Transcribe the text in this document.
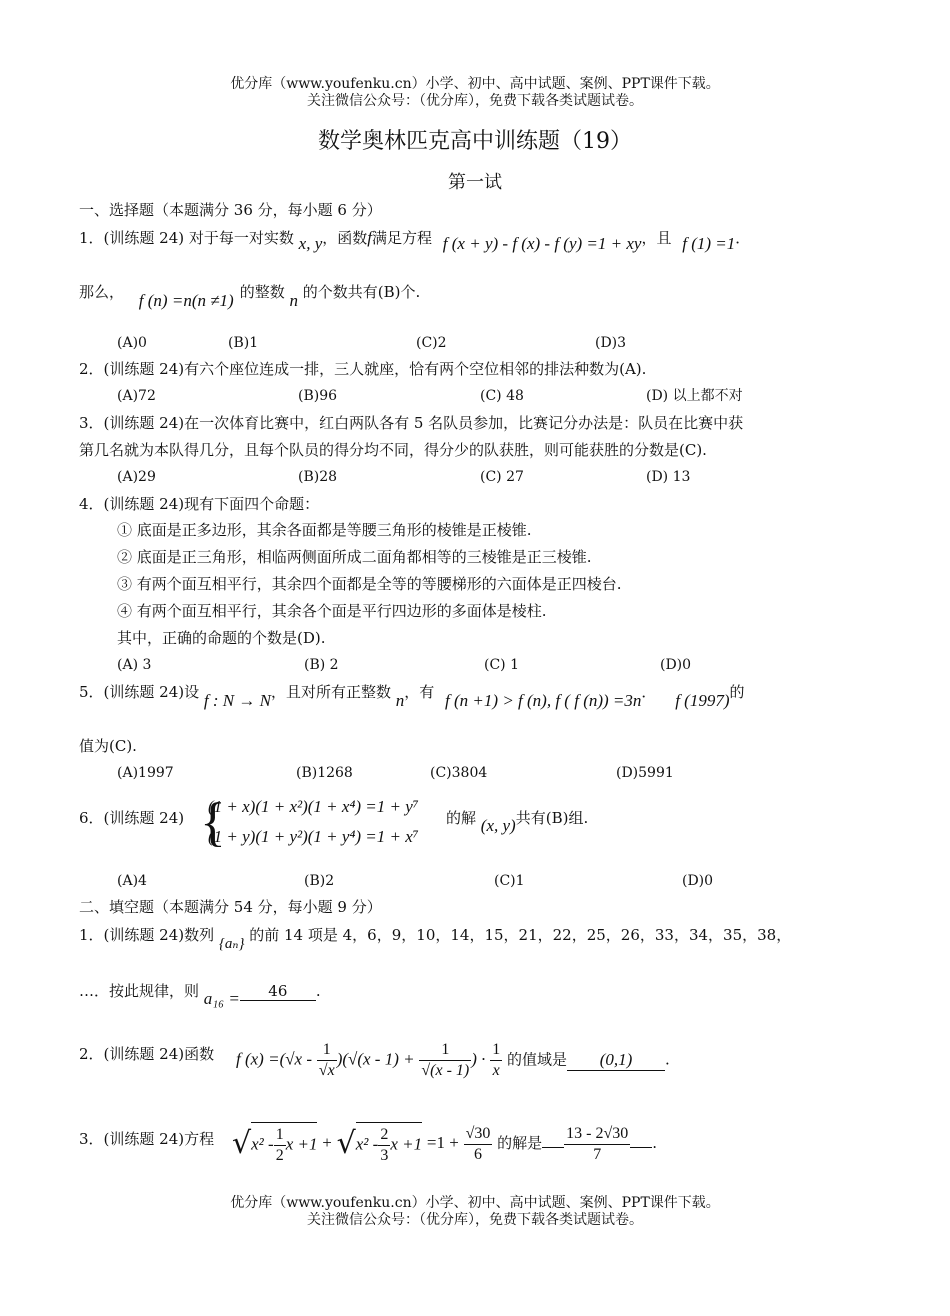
优分库（www.youfenku.cn）小学、初中、高中试题、案例、PPT课件下载。
关注微信公众号：（优分库），免费下载各类试题试卷。
数学奥林匹克高中训练题（19）
第一试
一、选择题（本题满分 36 分，每小题 6 分）
1．(训练题 24) 对于每一对实数 x, y，函数f满足方程 f (x + y) - f (x) - f (y) =1 + xy，且 f (1) =1．
那么， f (n) =n(n ≠1) 的整数 n 的个数共有(B)个.
(A)0	(B)1	(C)2	(D)3
2．(训练题 24)有六个座位连成一排，三人就座，恰有两个空位相邻的排法种数为(A).
(A)72	(B)96	(C) 48	(D) 以上都不对
3．(训练题 24)在一次体育比赛中，红白两队各有 5 名队员参加，比赛记分办法是：队员在比赛中获
第几名就为本队得几分，且每个队员的得分均不同，得分少的队获胜，则可能获胜的分数是(C).
(A)29	(B)28	(C) 27	(D) 13
4．(训练题 24)现有下面四个命题：
① 底面是正多边形，其余各面都是等腰三角形的棱锥是正棱锥.
② 底面是正三角形，相临两侧面所成二面角都相等的三棱锥是正三棱锥.
③ 有两个面互相平行，其余四个面都是全等的等腰梯形的六面体是正四棱台.
④ 有两个面互相平行，其余各个面是平行四边形的多面体是棱柱.
其中，正确的命题的个数是(D).
(A) 3	(B) 2	(C) 1	(D)0
5．(训练题 24)设 f : N → N，且对所有正整数 n，有 f (n +1) > f (n), f ( f (n)) =3n． f (1997)的
值为(C).
(A)1997	(B)1268	(C)3804	(D)5991
6．(训练题 24) {
(1 + x)(1 + x²)(1 + x⁴) =1 + y⁷
(1 + y)(1 + y²)(1 + y⁴) =1 + x⁷
的解 (x, y)共有(B)组.
(A)4	(B)2	(C)1	(D)0
二、填空题（本题满分 54 分，每小题 9 分）
1．(训练题 24)数列 {aₙ} 的前 14 项是 4，6，9，10，14，15，21，22，25，26，33，34，35，38，
…．按此规律，则 a₁₆ = 46 .
2．(训练题 24)函数 f $(x) =(√x - \frac{1}{√x} )(√(x - 1) + \frac{1}{√(x - 1)}$ ) · $\frac{1}{x}$ 的值域是 (0,1) .
3．(训练题 24)方程 $√x^2 - \frac{1}{2}$ $x +1 + √x^2 - \frac{2}{3}$ $x +1 =1 + \frac{√30}{6}$ 的解是 $\frac{13 - 2√30}{7}$ .
优分库（www.youfenku.cn）小学、初中、高中试题、案例、PPT课件下载。
关注微信公众号：（优分库），免费下载各类试题试卷。
